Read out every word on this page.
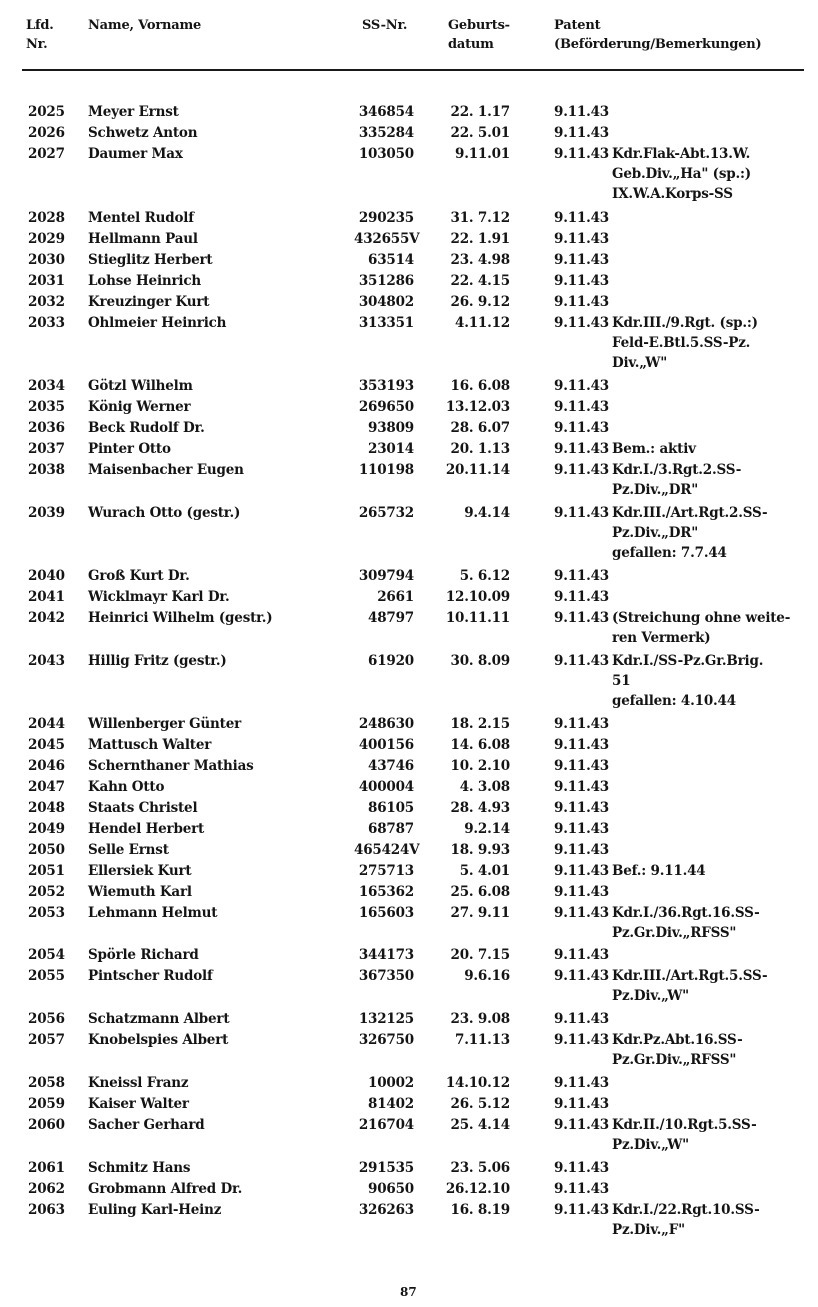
Lfd.
Nr.
Name, Vorname	SS-Nr.	Geburts-
datum
Patent
(Beförderung/Bemerkungen)
2025 Meyer Ernst	346854	22. 1.17	9.11.43
2026 Schwetz Anton	335284	22. 5.01	9.11.43
2027 Daumer Max	103050	9.11.01	9.11.43 Kdr.Flak-Abt.13.W.
Geb.Div.„Ha" (sp.:)
IX.W.A.Korps-SS
2028 Mentel Rudolf	290235	31. 7.12	9.11.43
2029 Hellmann Paul	432655V	22. 1.91	9.11.43
2030 Stieglitz Herbert	63514	23. 4.98	9.11.43
2031 Lohse Heinrich	351286	22. 4.15	9.11.43
2032 Kreuzinger Kurt	304802	26. 9.12	9.11.43
2033 Ohlmeier Heinrich	313351	4.11.12	9.11.43 Kdr.III./9.Rgt. (sp.:)
Feld-E.Btl.5.SS-Pz.
Div.„W"
2034 Götzl Wilhelm	353193	16. 6.08	9.11.43
2035 König Werner	269650	13.12.03	9.11.43
2036 Beck Rudolf Dr.	93809	28. 6.07	9.11.43
2037 Pinter Otto	23014	20. 1.13	9.11.43 Bem.: aktiv
2038 Maisenbacher Eugen	110198	20.11.14	9.11.43 Kdr.I./3.Rgt.2.SS-
Pz.Div.„DR"
2039 Wurach Otto (gestr.)	265732	9.4.14	9.11.43 Kdr.III./Art.Rgt.2.SS-
Pz.Div.„DR"
gefallen: 7.7.44
2040 Groß Kurt Dr.	309794	5. 6.12	9.11.43
2041 Wicklmayr Karl Dr.	2661	12.10.09	9.11.43
2042 Heinrici Wilhelm (gestr.)	48797	10.11.11	9.11.43 (Streichung ohne weite-
ren Vermerk)
2043 Hillig Fritz (gestr.)	61920	30. 8.09	9.11.43 Kdr.I./SS-Pz.Gr.Brig.
51
gefallen: 4.10.44
2044 Willenberger Günter	248630	18. 2.15	9.11.43
2045 Mattusch Walter	400156	14. 6.08	9.11.43
2046 Schernthaner Mathias	43746	10. 2.10	9.11.43
2047 Kahn Otto	400004	4. 3.08	9.11.43
2048 Staats Christel	86105	28. 4.93	9.11.43
2049 Hendel Herbert	68787	9.2.14	9.11.43
2050 Selle Ernst	465424V	18. 9.93	9.11.43
2051 Ellersiek Kurt	275713	5. 4.01	9.11.43 Bef.: 9.11.44
2052 Wiemuth Karl	165362	25. 6.08	9.11.43
2053 Lehmann Helmut	165603	27. 9.11	9.11.43 Kdr.I./36.Rgt.16.SS-
Pz.Gr.Div.„RFSS"
2054 Spörle Richard	344173	20. 7.15	9.11.43
2055 Pintscher Rudolf	367350	9.6.16	9.11.43 Kdr.III./Art.Rgt.5.SS-
Pz.Div.„W"
2056 Schatzmann Albert	132125	23. 9.08	9.11.43
2057 Knobelspies Albert	326750	7.11.13	9.11.43 Kdr.Pz.Abt.16.SS-
Pz.Gr.Div.„RFSS"
2058 Kneissl Franz	10002	14.10.12	9.11.43
2059 Kaiser Walter	81402	26. 5.12	9.11.43
2060 Sacher Gerhard	216704	25. 4.14	9.11.43 Kdr.II./10.Rgt.5.SS-
Pz.Div.„W"
2061 Schmitz Hans	291535	23. 5.06	9.11.43
2062 Grobmann Alfred Dr.	90650	26.12.10	9.11.43
2063 Euling Karl-Heinz	326263	16. 8.19	9.11.43 Kdr.I./22.Rgt.10.SS-
Pz.Div.„F"
87
